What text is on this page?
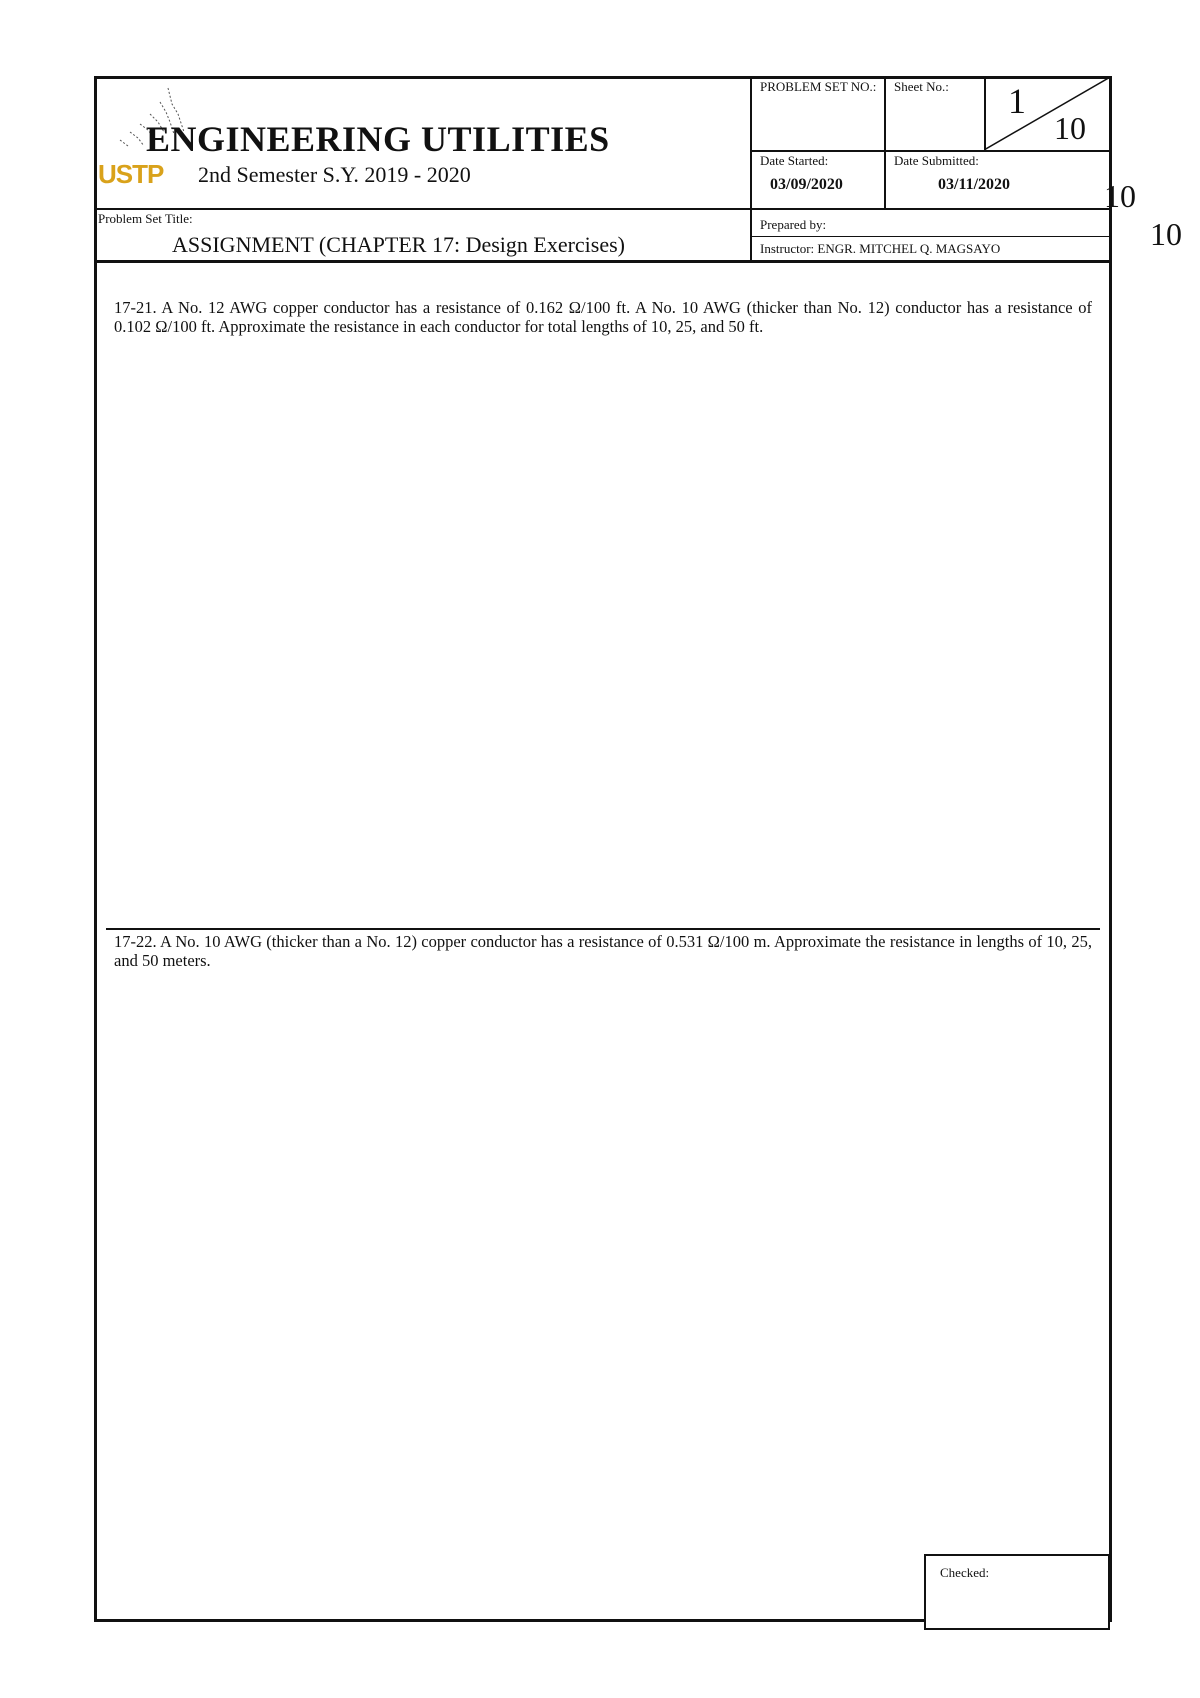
USTP
ENGINEERING UTILITIES
2nd Semester S.Y. 2019 - 2020
Problem Set Title:
ASSIGNMENT (CHAPTER 17: Design Exercises)
PROBLEM SET NO.: Sheet No.: 1
10
Date Started:
03/09/2020
Date Submitted:
03/11/2020
Prepared by:
Instructor: ENGR. MITCHEL Q. MAGSAYO
10
10
17-21. A No. 12 AWG copper conductor has a resistance of 0.162 Ω/100 ft. A No. 10 AWG (thicker than No. 12) conductor has a resistance of 0.102 Ω/100 ft. Approximate the resistance in each conductor for total lengths of 10, 25, and 50 ft.
17-22. A No. 10 AWG (thicker than a No. 12) copper conductor has a resistance of 0.531 Ω/100 m. Approximate the resistance in lengths of 10, 25, and 50 meters.
Checked:
